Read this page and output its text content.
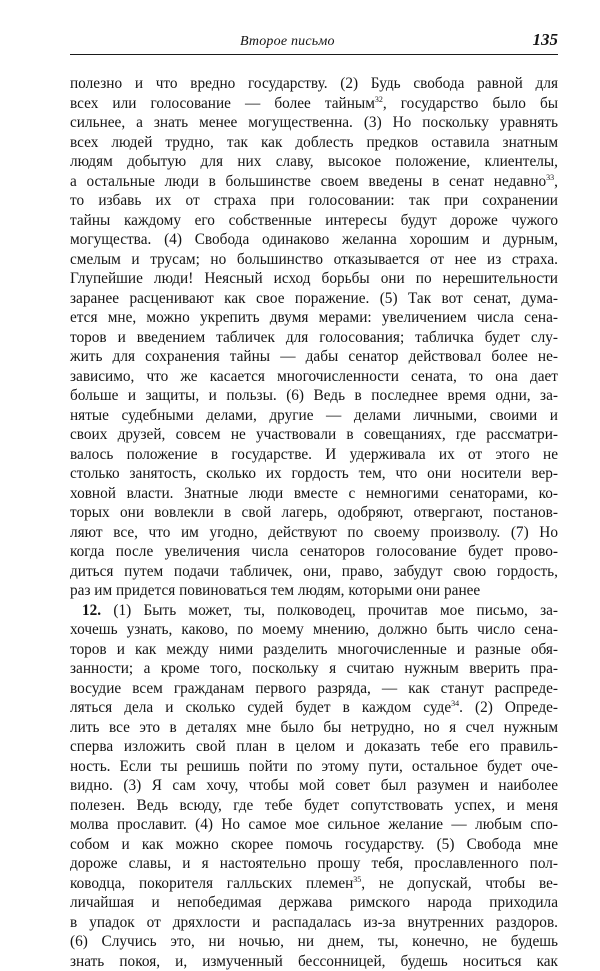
Второе письмо	135
полезно и что вредно государству. (2) Будь свобода равной для
всех или голосование — более тайным$^{32}$, государство было бы
сильнее, а знать менее могущественна. (3) Но поскольку уравнять
всех людей трудно, так как доблесть предков оставила знатным
людям добытую для них славу, высокое положение, клиентелы,
а остальные люди в большинстве своем введены в сенат недавно$^{33}$,
то избавь их от страха при голосовании: так при сохранении
тайны каждому его собственные интересы будут дороже чужого
могущества. (4) Свобода одинаково желанна хорошим и дурным,
смелым и трусам; но большинство отказывается от нее из страха.
Глупейшие люди! Неясный исход борьбы они по нерешительности
заранее расценивают как свое поражение. (5) Так вот сенат, дума-
ется мне, можно укрепить двумя мерами: увеличением числа сена-
торов и введением табличек для голосования; табличка будет слу-
жить для сохранения тайны — дабы сенатор действовал более не-
зависимо, что же касается многочисленности сената, то она дает
больше и защиты, и пользы. (6) Ведь в последнее время одни, за-
нятые судебными делами, другие — делами личными, своими и
своих друзей, совсем не участвовали в совещаниях, где рассматри-
валось положение в государстве. И удерживала их от этого не
столько занятость, сколько их гордость тем, что они носители вер-
ховной власти. Знатные люди вместе с немногими сенаторами, ко-
торых они вовлекли в свой лагерь, одобряют, отвергают, постанов-
ляют все, что им угодно, действуют по своему произволу. (7) Но
когда после увеличения числа сенаторов голосование будет прово-
диться путем подачи табличек, они, право, забудут свою гордость,
раз им придется повиноваться тем людям, которыми они ранее
12. (1) Быть может, ты, полководец, прочитав мое письмо, за-
хочешь узнать, каково, по моему мнению, должно быть число сена-
торов и как между ними разделить многочисленные и разные обя-
занности; а кроме того, поскольку я считаю нужным вверить пра-
восудие всем гражданам первого разряда, — как станут распреде-
ляться дела и сколько судей будет в каждом суде$^{34}$. (2) Опреде-
лить все это в деталях мне было бы нетрудно, но я счел нужным
сперва изложить свой план в целом и доказать тебе его правиль-
ность. Если ты решишь пойти по этому пути, остальное будет оче-
видно. (3) Я сам хочу, чтобы мой совет был разумен и наиболее
полезен. Ведь всюду, где тебе будет сопутствовать успех, и меня
молва прославит. (4) Но самое мое сильное желание — любым спо-
собом и как можно скорее помочь государству. (5) Свобода мне
дороже славы, и я настоятельно прошу тебя, прославленного пол-
ководца, покорителя галльских племен$^{35}$, не допускай, чтобы ве-
личайшая и непобедимая держава римского народа приходила
в упадок от дряхлости и распадалась из-за внутренних раздоров.
(6) Случись это, ни ночью, ни днем, ты, конечно, не будешь
знать покоя, и, измученный бессонницей, будешь носиться как
